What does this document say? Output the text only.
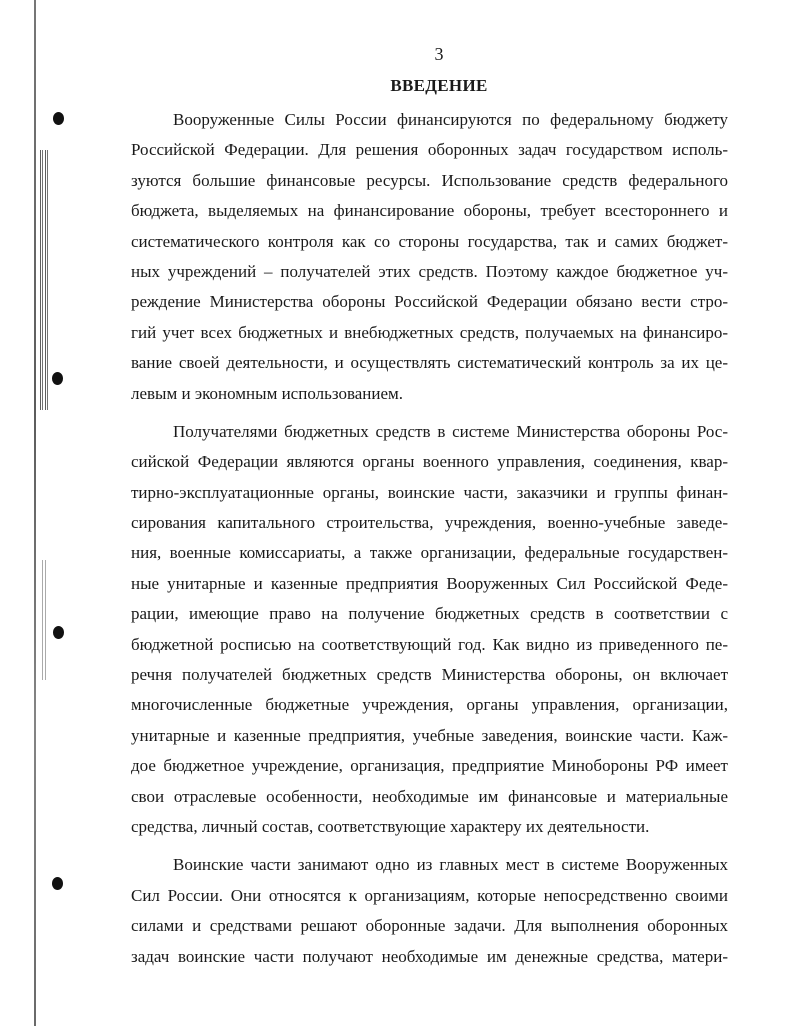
3
ВВЕДЕНИЕ
Вооруженные Силы России финансируются по федеральному бюджету
Российской Федерации. Для решения оборонных задач государством исполь-
зуются большие финансовые ресурсы. Использование средств федерального
бюджета, выделяемых на финансирование обороны, требует всестороннего и
систематического контроля как со стороны государства, так и самих бюджет-
ных учреждений – получателей этих средств. Поэтому каждое бюджетное уч-
реждение Министерства обороны Российской Федерации обязано вести стро-
гий учет всех бюджетных и внебюджетных средств, получаемых на финансиро-
вание своей деятельности, и осуществлять систематический контроль за их це-
левым и экономным использованием.
Получателями бюджетных средств в системе Министерства обороны Рос-
сийской Федерации являются органы военного управления, соединения, квар-
тирно-эксплуатационные органы, воинские части, заказчики и группы финан-
сирования капитального строительства, учреждения, военно-учебные заведе-
ния, военные комиссариаты, а также организации, федеральные государствен-
ные унитарные и казенные предприятия Вооруженных Сил Российской Феде-
рации, имеющие право на получение бюджетных средств в соответствии с
бюджетной росписью на соответствующий год. Как видно из приведенного пе-
речня получателей бюджетных средств Министерства обороны, он включает
многочисленные бюджетные учреждения, органы управления, организации,
унитарные и казенные предприятия, учебные заведения, воинские части. Каж-
дое бюджетное учреждение, организация, предприятие Минобороны РФ имеет
свои отраслевые особенности, необходимые им финансовые и материальные
средства, личный состав, соответствующие характеру их деятельности.
Воинские части занимают одно из главных мест в системе Вооруженных
Сил России. Они относятся к организациям, которые непосредственно своими
силами и средствами решают оборонные задачи. Для выполнения оборонных
задач воинские части получают необходимые им денежные средства, матери-
